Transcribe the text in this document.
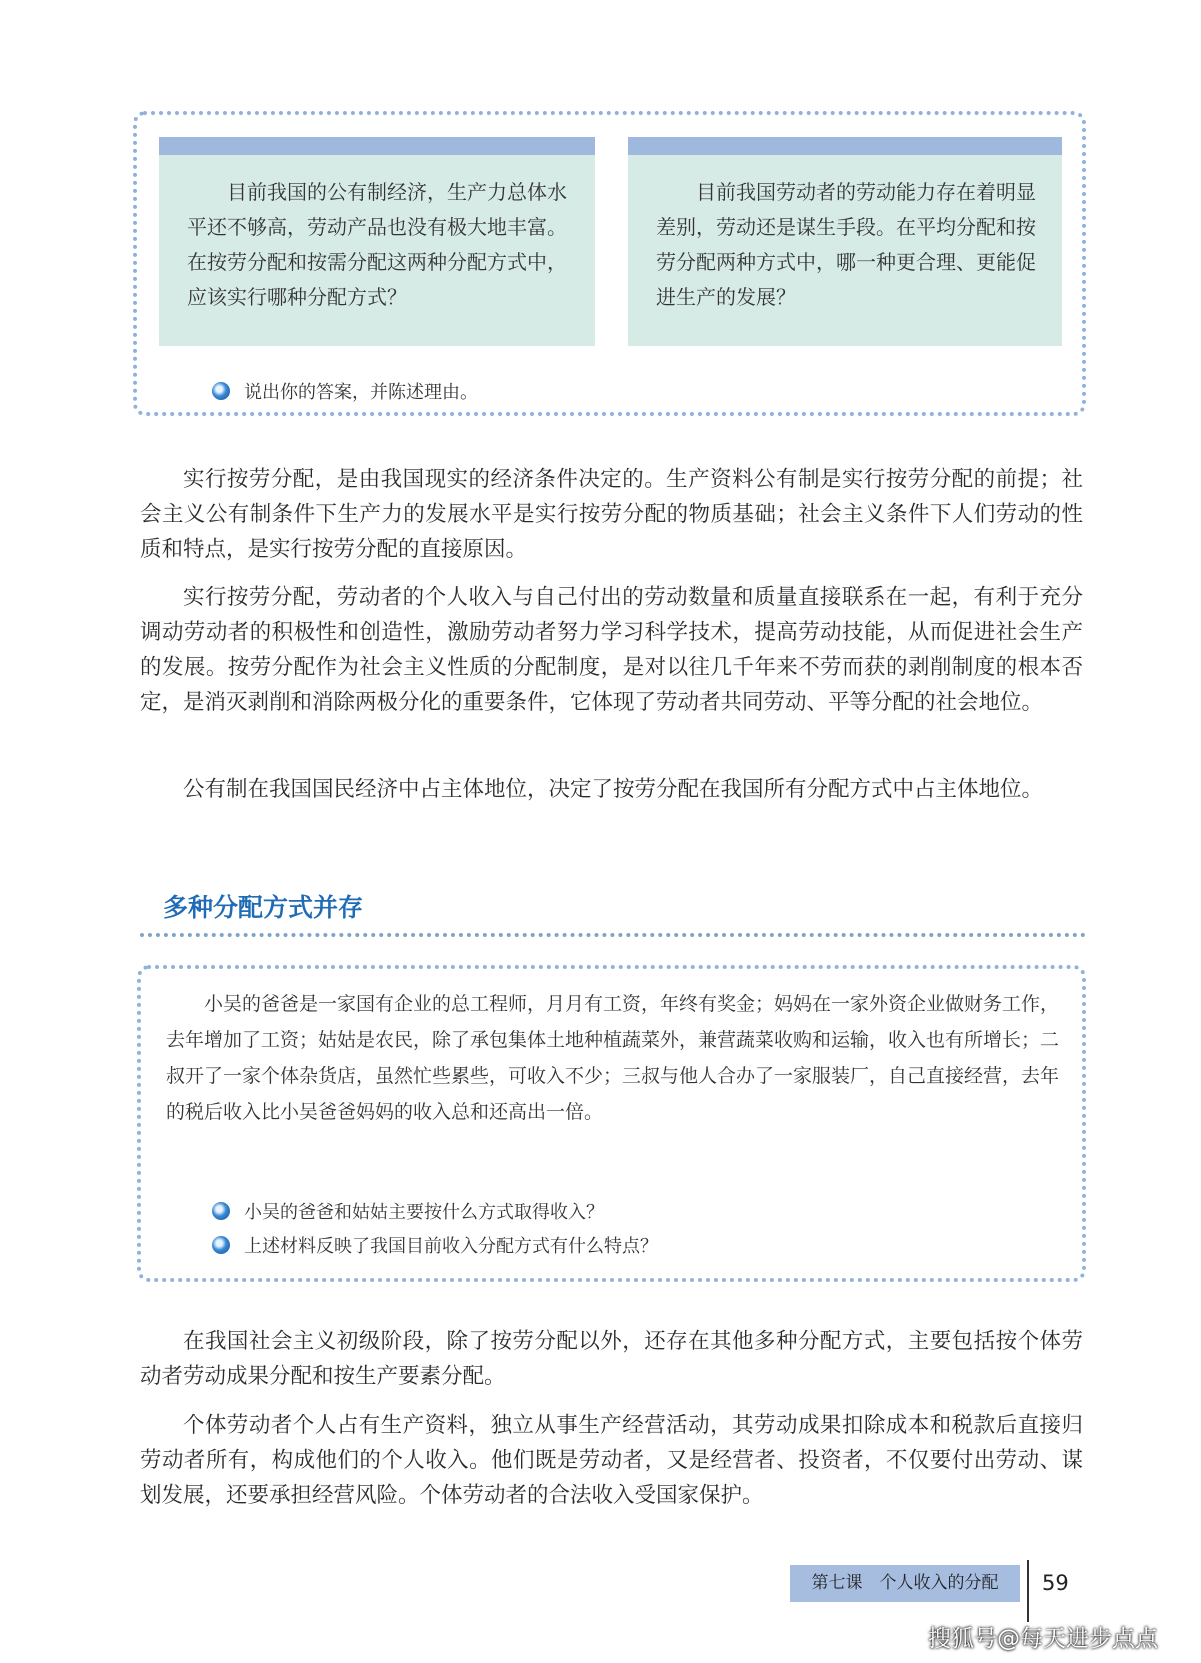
目前我国的公有制经济，生产力总体水平还不够高，劳动产品也没有极大地丰富。在按劳分配和按需分配这两种分配方式中，应该实行哪种分配方式？
目前我国劳动者的劳动能力存在着明显差别，劳动还是谋生手段。在平均分配和按劳分配两种方式中，哪一种更合理、更能促进生产的发展？
说出你的答案，并陈述理由。

实行按劳分配，是由我国现实的经济条件决定的。生产资料公有制是实行按劳分配的前提；社会主义公有制条件下生产力的发展水平是实行按劳分配的物质基础；社会主义条件下人们劳动的性质和特点，是实行按劳分配的直接原因。

实行按劳分配，劳动者的个人收入与自己付出的劳动数量和质量直接联系在一起，有利于充分调动劳动者的积极性和创造性，激励劳动者努力学习科学技术，提高劳动技能，从而促进社会生产的发展。按劳分配作为社会主义性质的分配制度，是对以往几千年来不劳而获的剥削制度的根本否定，是消灭剥削和消除两极分化的重要条件，它体现了劳动者共同劳动、平等分配的社会地位。

公有制在我国国民经济中占主体地位，决定了按劳分配在我国所有分配方式中占主体地位。

多种分配方式并存

小吴的爸爸是一家国有企业的总工程师，月月有工资，年终有奖金；妈妈在一家外资企业做财务工作，去年增加了工资；姑姑是农民，除了承包集体土地种植蔬菜外，兼营蔬菜收购和运输，收入也有所增长；二叔开了一家个体杂货店，虽然忙些累些，可收入不少；三叔与他人合办了一家服装厂，自己直接经营，去年的税后收入比小吴爸爸妈妈的收入总和还高出一倍。

小吴的爸爸和姑姑主要按什么方式取得收入？
上述材料反映了我国目前收入分配方式有什么特点？

在我国社会主义初级阶段，除了按劳分配以外，还存在其他多种分配方式，主要包括按个体劳动者劳动成果分配和按生产要素分配。

个体劳动者个人占有生产资料，独立从事生产经营活动，其劳动成果扣除成本和税款后直接归劳动者所有，构成他们的个人收入。他们既是劳动者，又是经营者、投资者，不仅要付出劳动、谋划发展，还要承担经营风险。个体劳动者的合法收入受国家保护。

第七课　个人收入的分配	59
搜狐号@每天进步点点
